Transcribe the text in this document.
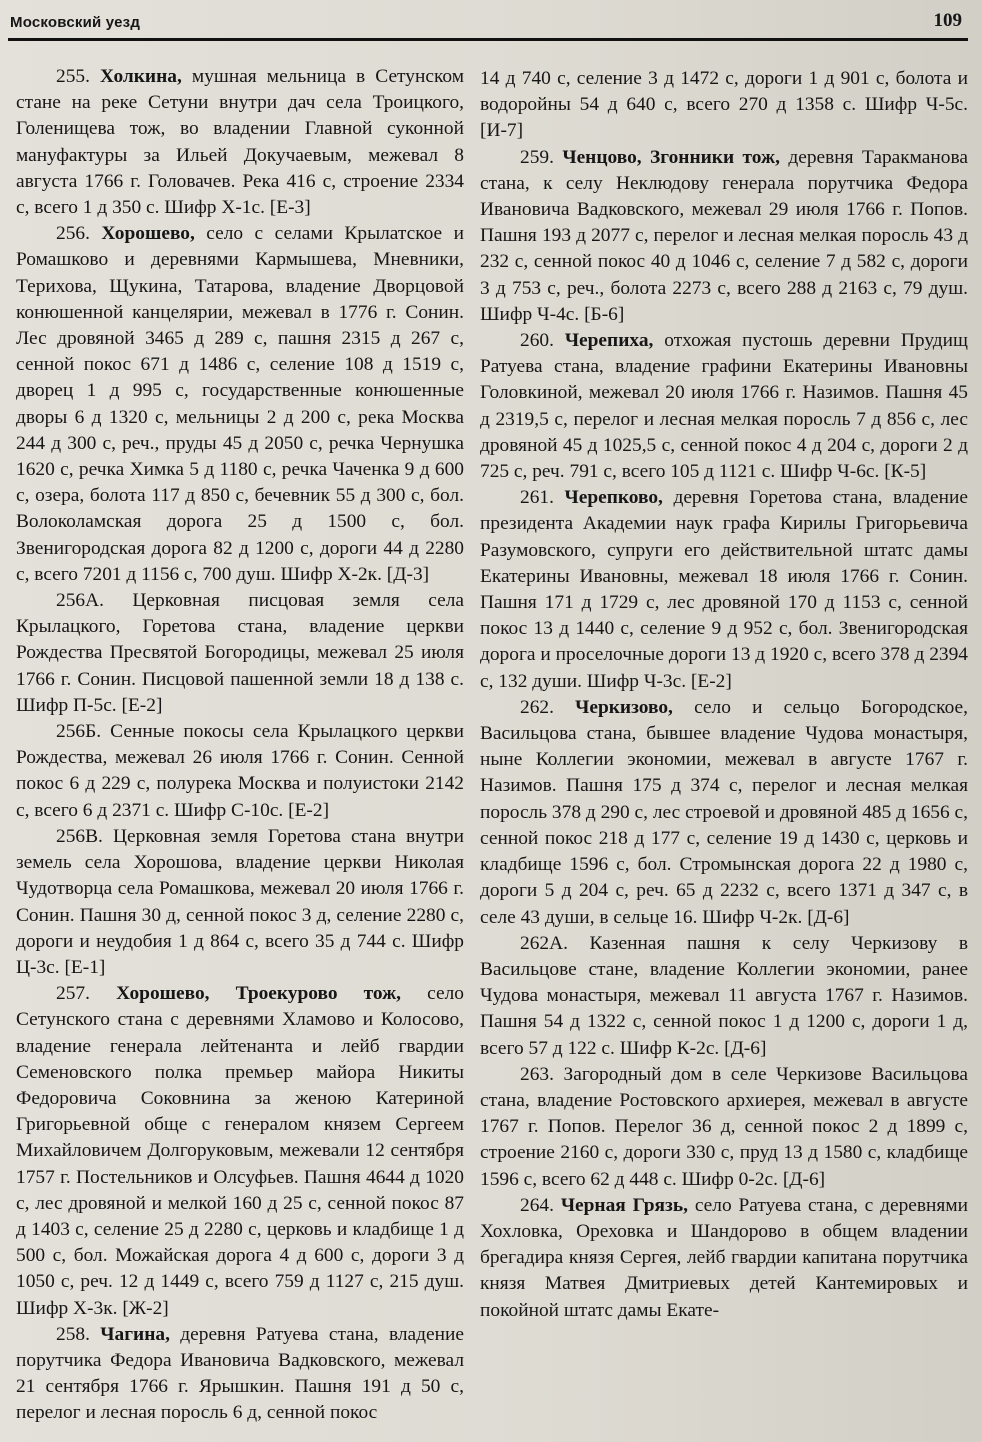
Московский уезд	109

255. Холкина, мушная мельница в Сетунском стане на реке Сетуни внутри дач села Троицкого, Голенищева тож, во владении Главной суконной мануфактуры за Ильей Докучаевым, межевал 8 августа 1766 г. Головачев. Река 416 с, строение 2334 с, всего 1 д 350 с. Шифр Х-1с. [Е-3]

256. Хорошево, село с селами Крылатское и Ромашково и деревнями Кармышева, Мневники, Терихова, Щукина, Татарова, владение Дворцовой конюшенной канцелярии, межевал в 1776 г. Сонин. Лес дровяной 3465 д 289 с, пашня 2315 д 267 с, сенной покос 671 д 1486 с, селение 108 д 1519 с, дворец 1 д 995 с, государственные конюшенные дворы 6 д 1320 с, мельницы 2 д 200 с, река Москва 244 д 300 с, реч., пруды 45 д 2050 с, речка Чернушка 1620 с, речка Химка 5 д 1180 с, речка Чаченка 9 д 600 с, озера, болота 117 д 850 с, бечевник 55 д 300 с, бол. Волоколамская дорога 25 д 1500 с, бол. Звенигородская дорога 82 д 1200 с, дороги 44 д 2280 с, всего 7201 д 1156 с, 700 душ. Шифр Х-2к. [Д-3]

256А. Церковная писцовая земля села Крылацкого, Горетова стана, владение церкви Рождества Пресвятой Богородицы, межевал 25 июля 1766 г. Сонин. Писцовой пашенной земли 18 д 138 с. Шифр П-5с. [Е-2]

256Б. Сенные покосы села Крылацкого церкви Рождества, межевал 26 июля 1766 г. Сонин. Сенной покос 6 д 229 с, полурека Москва и полуистоки 2142 с, всего 6 д 2371 с. Шифр С-10с. [Е-2]

256В. Церковная земля Горетова стана внутри земель села Хорошова, владение церкви Николая Чудотворца села Ромашкова, межевал 20 июля 1766 г. Сонин. Пашня 30 д, сенной покос 3 д, селение 2280 с, дороги и неудобия 1 д 864 с, всего 35 д 744 с. Шифр Ц-3с. [Е-1]

257. Хорошево, Троекурово тож, село Сетунского стана с деревнями Хламово и Колосово, владение генерала лейтенанта и лейб гвардии Семеновского полка премьер майора Никиты Федоровича Соковнина за женою Катериной Григорьевной обще с генералом князем Сергеем Михайловичем Долгоруковым, межевали 12 сентября 1757 г. Постельников и Олсуфьев. Пашня 4644 д 1020 с, лес дровяной и мелкой 160 д 25 с, сенной покос 87 д 1403 с, селение 25 д 2280 с, церковь и кладбище 1 д 500 с, бол. Можайская дорога 4 д 600 с, дороги 3 д 1050 с, реч. 12 д 1449 с, всего 759 д 1127 с, 215 душ. Шифр Х-3к. [Ж-2]

258. Чагина, деревня Ратуева стана, владение порутчика Федора Ивановича Вадковского, межевал 21 сентября 1766 г. Ярышкин. Пашня 191 д 50 с, перелог и лесная поросль 6 д, сенной покос

14 д 740 с, селение 3 д 1472 с, дороги 1 д 901 с, болота и водоройны 54 д 640 с, всего 270 д 1358 с. Шифр Ч-5с. [И-7]

259. Ченцово, Згонники тож, деревня Таракманова стана, к селу Неклюдову генерала порутчика Федора Ивановича Вадковского, межевал 29 июля 1766 г. Попов. Пашня 193 д 2077 с, перелог и лесная мелкая поросль 43 д 232 с, сенной покос 40 д 1046 с, селение 7 д 582 с, дороги 3 д 753 с, реч., болота 2273 с, всего 288 д 2163 с, 79 душ. Шифр Ч-4с. [Б-6]

260. Черепиха, отхожая пустошь деревни Прудищ Ратуева стана, владение графини Екатерины Ивановны Головкиной, межевал 20 июля 1766 г. Назимов. Пашня 45 д 2319,5 с, перелог и лесная мелкая поросль 7 д 856 с, лес дровяной 45 д 1025,5 с, сенной покос 4 д 204 с, дороги 2 д 725 с, реч. 791 с, всего 105 д 1121 с. Шифр Ч-6с. [К-5]

261. Черепково, деревня Горетова стана, владение президента Академии наук графа Кирилы Григорьевича Разумовского, супруги его действительной штатс дамы Екатерины Ивановны, межевал 18 июля 1766 г. Сонин. Пашня 171 д 1729 с, лес дровяной 170 д 1153 с, сенной покос 13 д 1440 с, селение 9 д 952 с, бол. Звенигородская дорога и проселочные дороги 13 д 1920 с, всего 378 д 2394 с, 132 души. Шифр Ч-3с. [Е-2]

262. Черкизово, село и сельцо Богородское, Васильцова стана, бывшее владение Чудова монастыря, ныне Коллегии экономии, межевал в августе 1767 г. Назимов. Пашня 175 д 374 с, перелог и лесная мелкая поросль 378 д 290 с, лес строевой и дровяной 485 д 1656 с, сенной покос 218 д 177 с, селение 19 д 1430 с, церковь и кладбище 1596 с, бол. Стромынская дорога 22 д 1980 с, дороги 5 д 204 с, реч. 65 д 2232 с, всего 1371 д 347 с, в селе 43 души, в сельце 16. Шифр Ч-2к. [Д-6]

262А. Казенная пашня к селу Черкизову в Васильцове стане, владение Коллегии экономии, ранее Чудова монастыря, межевал 11 августа 1767 г. Назимов. Пашня 54 д 1322 с, сенной покос 1 д 1200 с, дороги 1 д, всего 57 д 122 с. Шифр К-2с. [Д-6]

263. Загородный дом в селе Черкизове Васильцова стана, владение Ростовского архиерея, межевал в августе 1767 г. Попов. Перелог 36 д, сенной покос 2 д 1899 с, строение 2160 с, дороги 330 с, пруд 13 д 1580 с, кладбище 1596 с, всего 62 д 448 с. Шифр 0-2с. [Д-6]

264. Черная Грязь, село Ратуева стана, с деревнями Хохловка, Ореховка и Шандорово в общем владении брегадира князя Сергея, лейб гвардии капитана порутчика князя Матвея Дмитриевых детей Кантемировых и покойной штатс дамы Екате-
